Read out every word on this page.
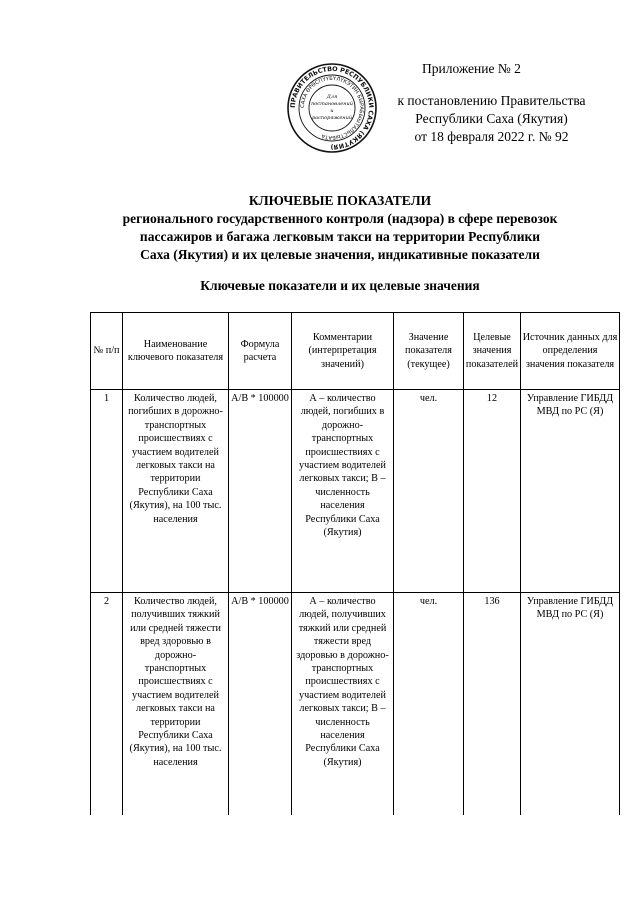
ПРАВИТЕЛЬСТВО РЕСПУБЛИКИ САХА (ЯКУТИЯ)
САХА ӨРӨСПҮҮБҮЛҮКЭТИН БЫРАБЫЫТАЛЬСТЫБАТА
Для
постановлений
и
распоряжений
Приложение № 2
к постановлению Правительства
Республики Саха (Якутия)
от 18 февраля 2022 г. № 92
КЛЮЧЕВЫЕ ПОКАЗАТЕЛИ
регионального государственного контроля (надзора) в сфере перевозок
пассажиров и багажа легковым такси на территории Республики
Саха (Якутия) и их целевые значения, индикативные показатели
Ключевые показатели и их целевые значения
№ п/п	Наименование ключевого показателя	Формула расчета	Комментарии (интерпретация значений)	Значение показателя (текущее)	Целевые значения показателей	Источник данных для определения значения показателя
1	Количество людей, погибших в дорожно-транспортных происшествиях с участием водителей легковых такси на территории Республики Саха (Якутия), на 100 тыс. населения	А/В * 100000	А – количество людей, погибших в дорожно-транспортных происшествиях с участием водителей легковых такси; В – численность населения Республики Саха (Якутия)	чел.	12	Управление ГИБДД МВД по РС (Я)
2	Количество людей, получивших тяжкий или средней тяжести вред здоровью в дорожно-транспортных происшествиях с участием водителей легковых такси на территории Республики Саха (Якутия), на 100 тыс. населения	А/В * 100000	А – количество людей, получивших тяжкий или средней тяжести вред здоровью в дорожно-транспортных происшествиях с участием водителей легковых такси; В – численность населения Республики Саха (Якутия)	чел.	136	Управление ГИБДД МВД по РС (Я)
